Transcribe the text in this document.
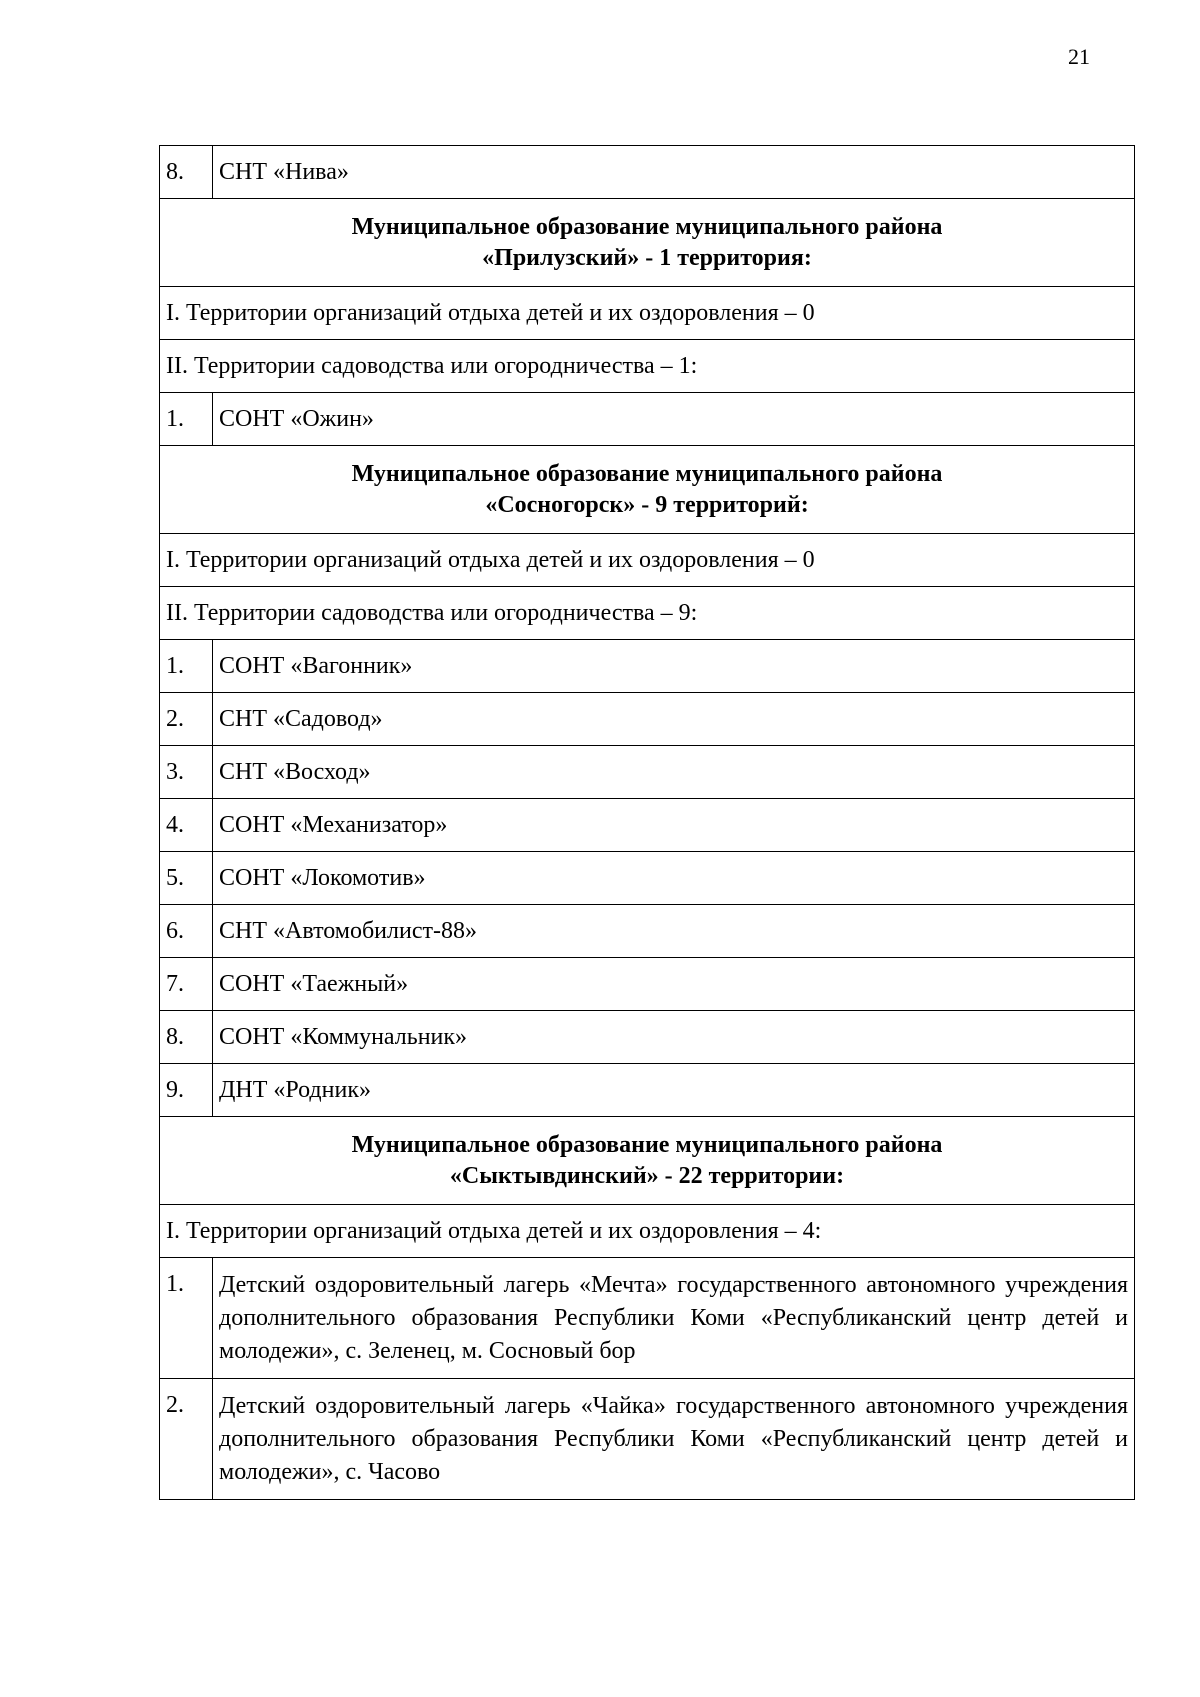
21
8.	СНТ «Нива»

Муниципальное образование муниципального района
«Прилузский» - 1 территория:	

I. Территории организаций отдыха детей и их оздоровления – 0	
II. Территории садоводства или огородничества – 1:	
1.	СОНТ «Ожин»

Муниципальное образование муниципального района
«Сосногорск» - 9 территорий:	

I. Территории организаций отдыха детей и их оздоровления – 0	
II. Территории садоводства или огородничества – 9:	
1.	СОНТ «Вагонник»
2.	СНТ «Садовод»
3.	СНТ «Восход»
4.	СОНТ «Механизатор»
5.	СОНТ «Локомотив»
6.	СНТ «Автомобилист-88»
7.	СОНТ «Таежный»
8.	СОНТ «Коммунальник»
9.	ДНТ «Родник»

Муниципальное образование муниципального района
«Сыктывдинский» - 22 территории:	

I. Территории организаций отдыха детей и их оздоровления – 4:	
1.	Детский оздоровительный лагерь «Мечта» государственного автономного учреждения дополнительного образования Республики Коми «Республиканский центр детей и молодежи», с. Зеленец, м. Сосновый бор
2.	Детский оздоровительный лагерь «Чайка» государственного автономного учреждения дополнительного образования Республики Коми «Республиканский центр детей и молодежи», с. Часово
